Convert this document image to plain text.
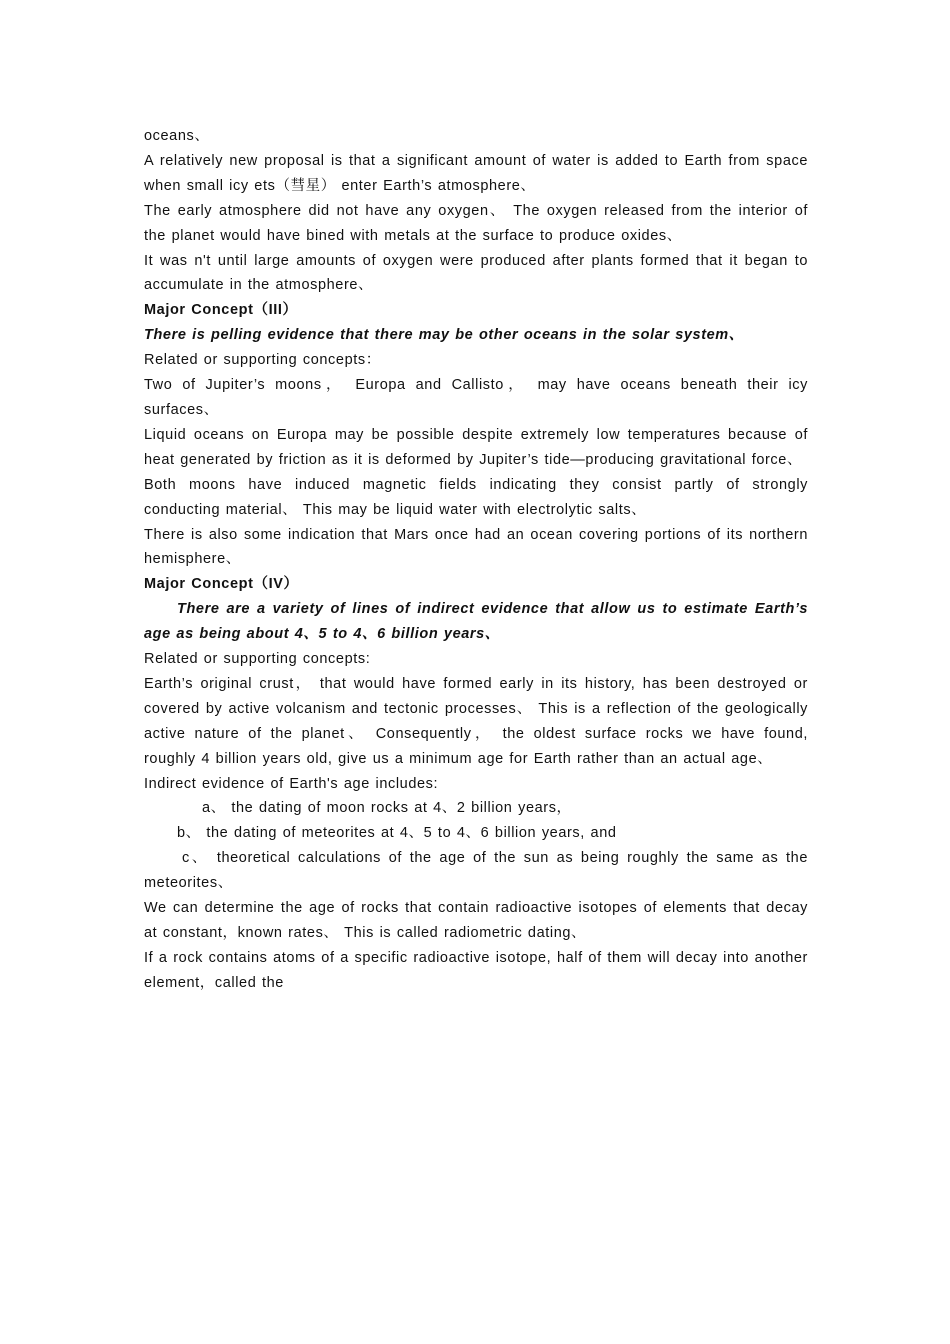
oceans、

A relatively new proposal is that a significant amount of water is added to Earth from space when small icy ets（彗星） enter Earth’s atmosphere、

The early atmosphere did not have any oxygen、 The oxygen released from the interior of the planet would have bined with metals at the surface to produce oxides、

It was n't until large amounts of oxygen were produced after plants formed that it began to accumulate in the atmosphere、

Major Concept（III）

There is pelling evidence that there may be other oceans in the solar system、

Related or supporting concepts：

Two of Jupiter’s moons， Europa and Callisto， may have oceans beneath their icy surfaces、

Liquid oceans on Europa may be possible despite extremely low temperatures because of heat generated by friction as it is deformed by Jupiter’s tide—producing gravitational force、

Both moons have induced magnetic fields indicating they consist partly of strongly conducting material、 This may be liquid water with electrolytic salts、

There is also some indication that Mars once had an ocean covering portions of its northern hemisphere、

Major Concept（IV）

There are a variety of lines of indirect evidence that allow us to estimate Earth’s age as being about 4、5 to 4、6 billion years、

Related or supporting concepts:

Earth’s original crust， that would have formed early in its history, has been destroyed or covered by active volcanism and tectonic processes、 This is a reflection of the geologically active nature of the planet、 Consequently， the oldest surface rocks we have found, roughly 4 billion years old, give us a minimum age for Earth rather than an actual age、

Indirect evidence of Earth's age includes:

a、 the dating of moon rocks at 4、2 billion years，

b、 the dating of meteorites at 4、5 to 4、6 billion years, and

c、 theoretical calculations of the age of the sun as being roughly the same as the meteorites、

We can determine the age of rocks that contain radioactive isotopes of elements that decay at constant，known rates、 This is called radiometric dating、

If a rock contains atoms of a specific radioactive isotope, half of them will decay into another element，called the
